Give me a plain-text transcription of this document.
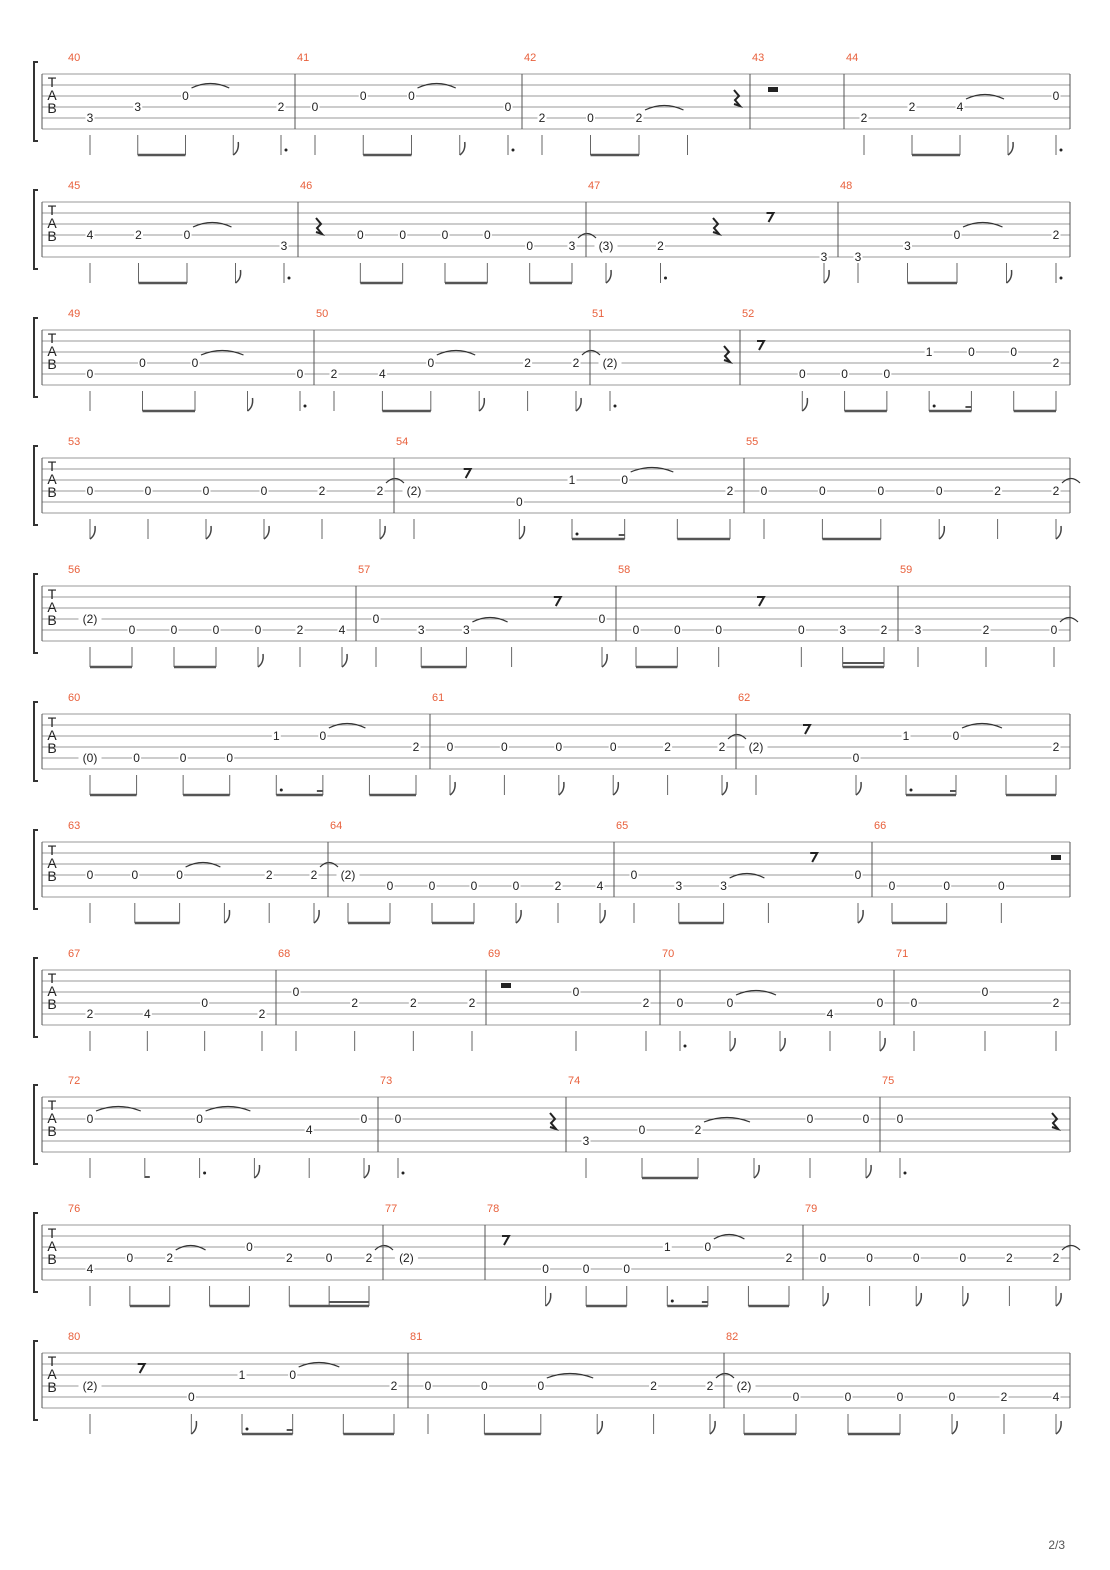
T
A
B
40
3
3
0
2
41
0
0	0
0
42
2	0	2
43	44
2
2	4
0
T
A
B
45
4	2	0
3
46
0	0	0	0
0	3
47
(3)	2
3
48
3
3
0	2
T
A
B
49
0
0	0
0
50
2	4
0	2	2
51
(2)
52
0	0	0
1	0	0
2
T
A
B
53
0	0	0	0	2	2
54
(2)
0
1	0
2
55
0	0	0	0	2	2
T
A
B
56
(2)
0	0	0	0	2	4
57
0
3	3
0
58
0	0	0	0	3	2
59
3	2	0
T
A
B
60
(0)	0	0	0
1	0
2
61
0	0	0	0	2	2
62
(2)
0
1	0
2
T
A
B
63
0	0	0	2	2
64
(2)
0	0	0	0	2	4
65
0
3	3
0
66
0	0	0
T
A
B
67
2	4
0
2
68
0
2	2	2
69
0
2
70
0	0
4
0
71
0
0
2
T
A
B
72
0	0
4
0
73
0
74
3
0	2
0	0
75
0
T
A
B
76
4
0	2
0
2	0	2
77
(2)
78
0	0	0
1	0
2
79
0	0	0	0	2	2
T
A
B
80
(2)
0
1	0
2
81
0	0	0	2	2
82
(2)
0	0	0	0	2	4
2/3
